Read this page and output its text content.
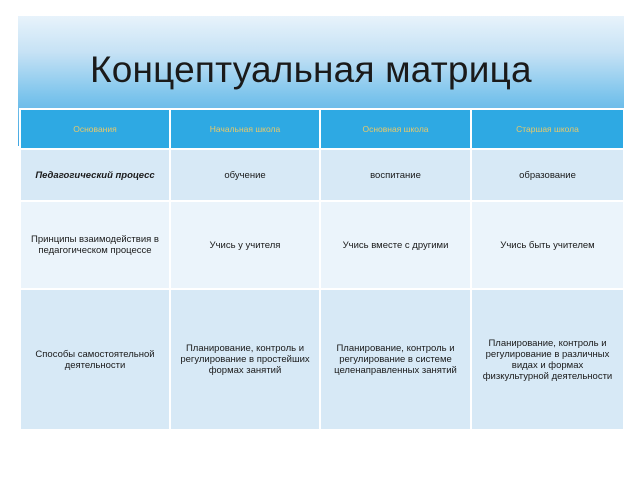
Концептуальная матрица
Основания	Начальная школа	Основная школа	Старшая школа
Педагогический процесс	обучение	воспитание	образование
Принципы взаимодействия в педагогическом процессе	Учись у учителя	Учись вместе с другими	Учись быть учителем
Способы самостоятельной деятельности	Планирование, контроль и регулирование в простейших формах занятий	Планирование, контроль и регулирование в системе целенаправленных занятий	Планирование, контроль и регулирование в различных видах и формах физкультурной деятельности
